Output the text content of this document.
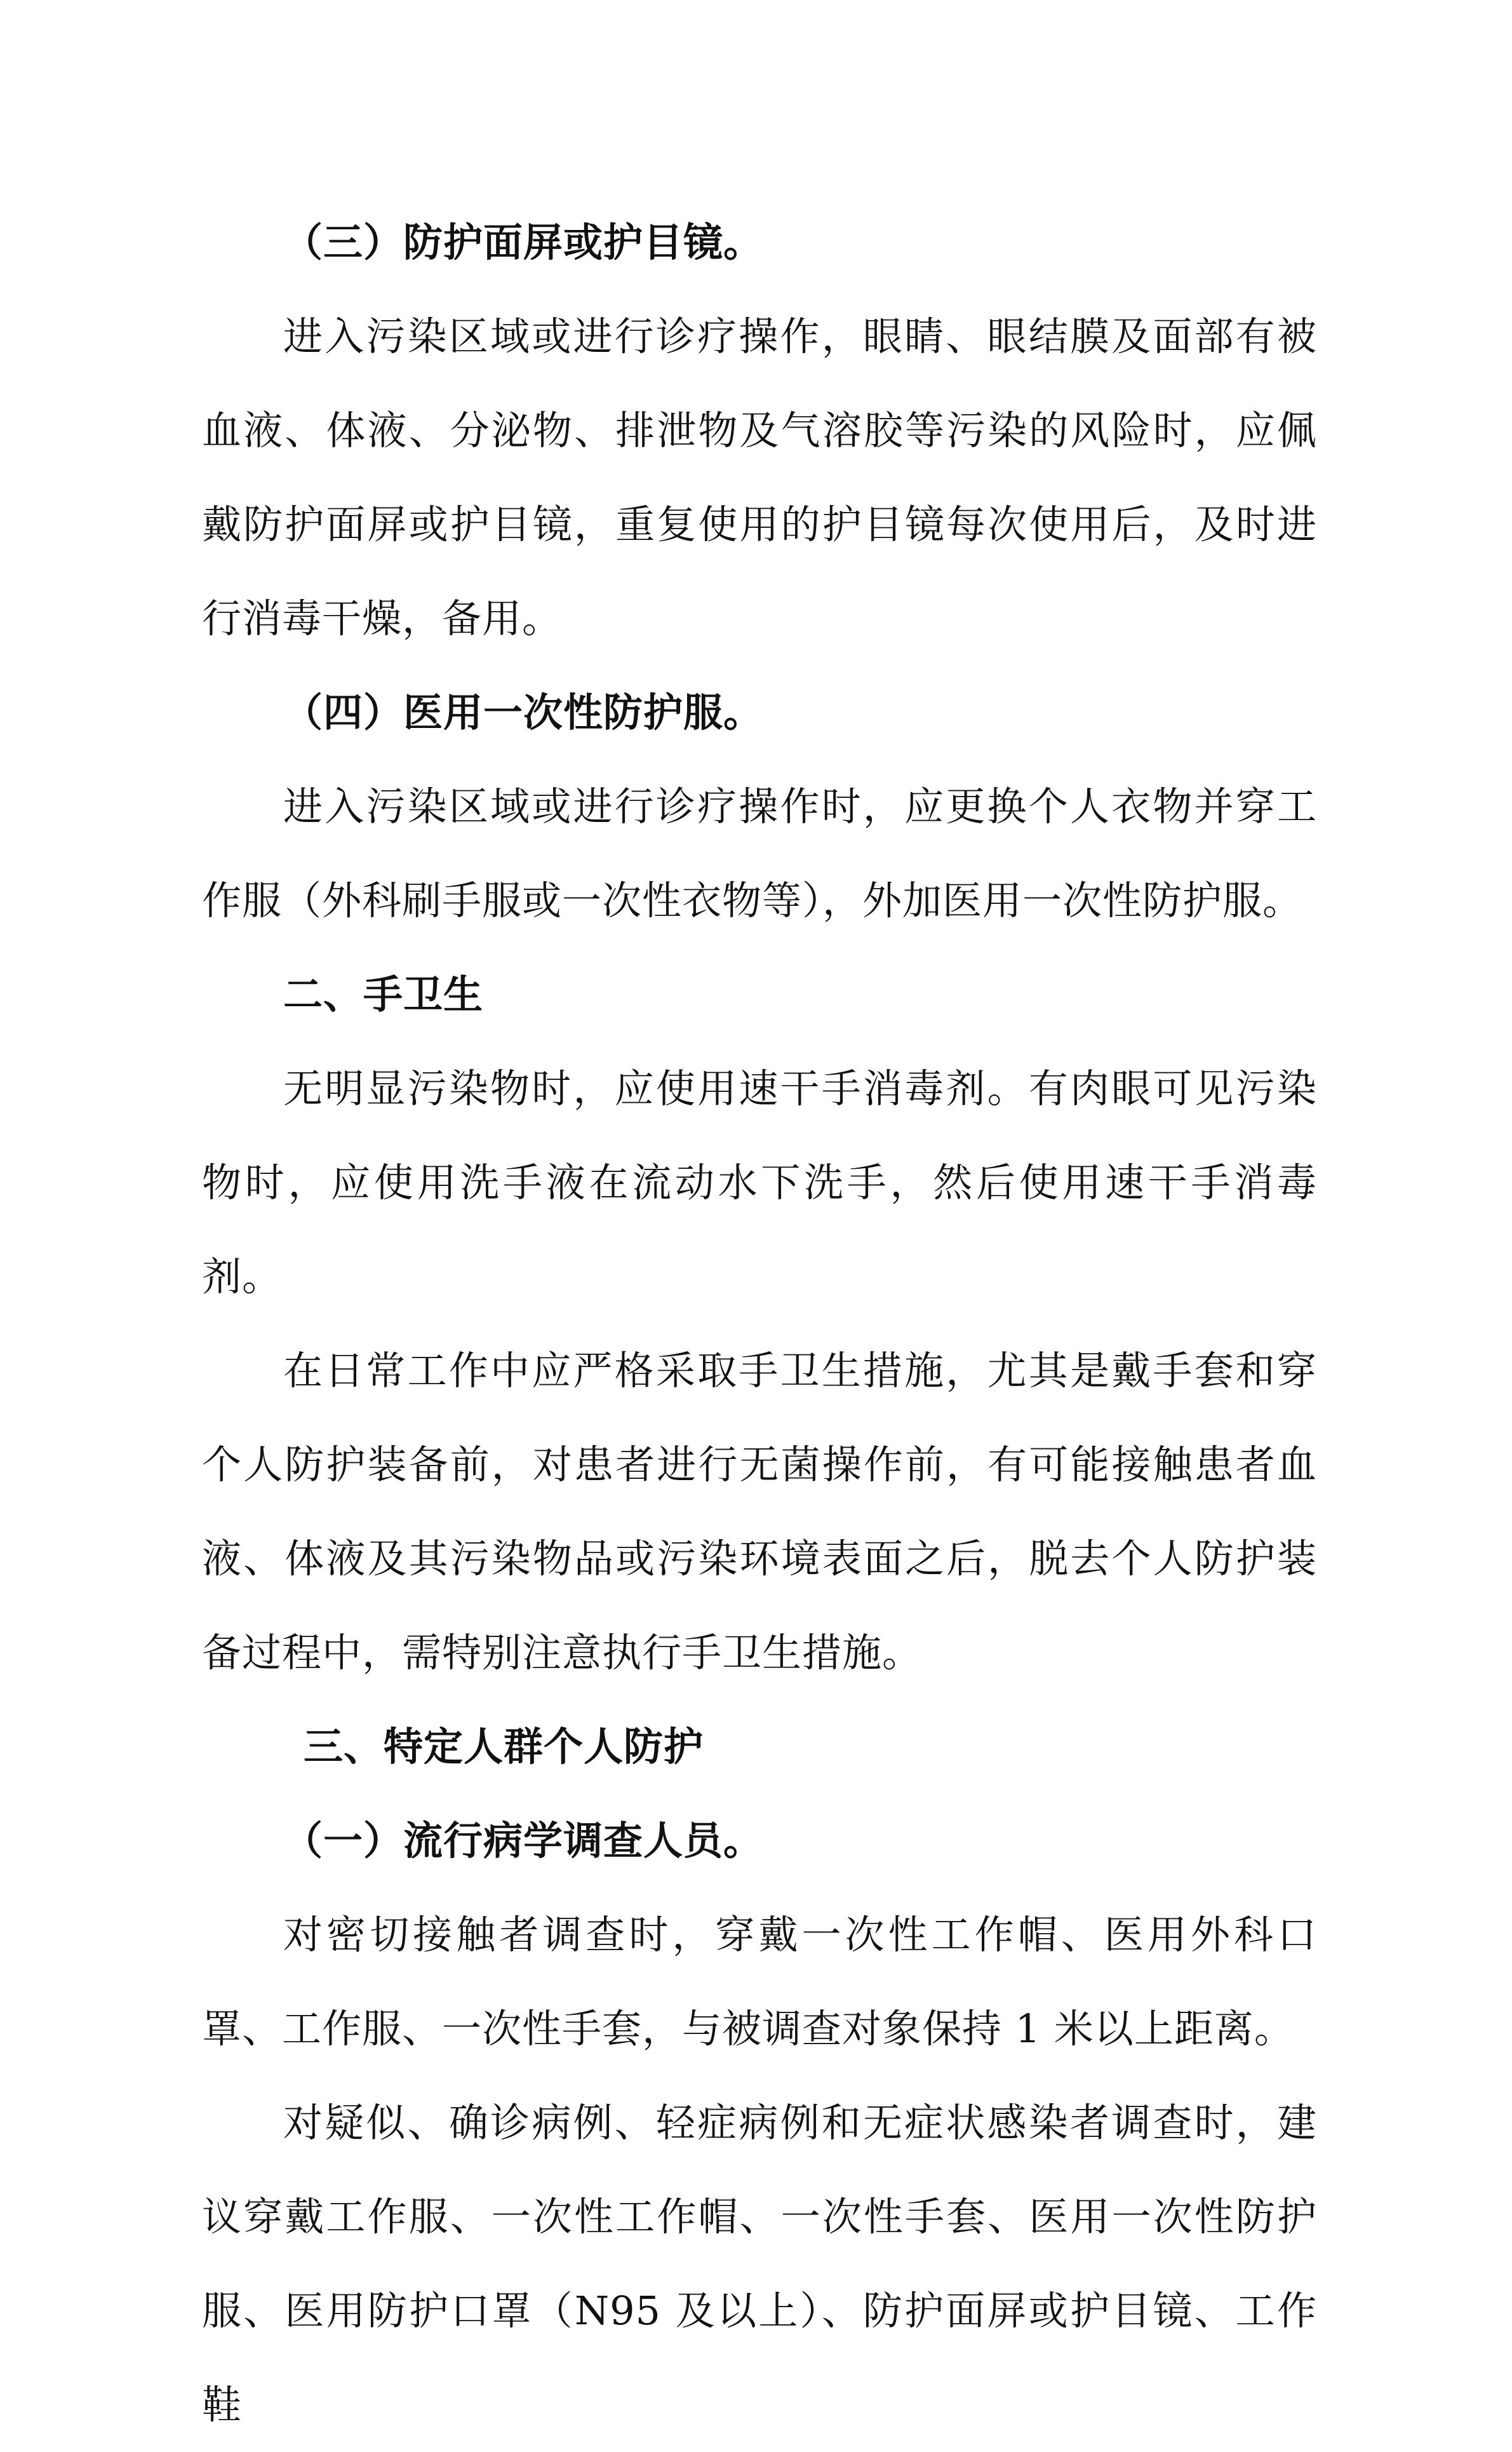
（三）防护面屏或护目镜。

进入污染区域或进行诊疗操作，眼睛、眼结膜及面部有被血液、体液、分泌物、排泄物及气溶胶等污染的风险时，应佩戴防护面屏或护目镜，重复使用的护目镜每次使用后，及时进行消毒干燥，备用。

（四）医用一次性防护服。

进入污染区域或进行诊疗操作时，应更换个人衣物并穿工作服（外科刷手服或一次性衣物等），外加医用一次性防护服。

二、手卫生

无明显污染物时，应使用速干手消毒剂。有肉眼可见污染物时，应使用洗手液在流动水下洗手，然后使用速干手消毒剂。

在日常工作中应严格采取手卫生措施，尤其是戴手套和穿个人防护装备前，对患者进行无菌操作前，有可能接触患者血液、体液及其污染物品或污染环境表面之后，脱去个人防护装备过程中，需特别注意执行手卫生措施。

三、特定人群个人防护
（一）流行病学调查人员。

对密切接触者调查时，穿戴一次性工作帽、医用外科口罩、工作服、一次性手套，与被调查对象保持 1 米以上距离。

对疑似、确诊病例、轻症病例和无症状感染者调查时，建议穿戴工作服、一次性工作帽、一次性手套、医用一次性防护服、医用防护口罩（N95 及以上）、防护面屏或护目镜、工作鞋
